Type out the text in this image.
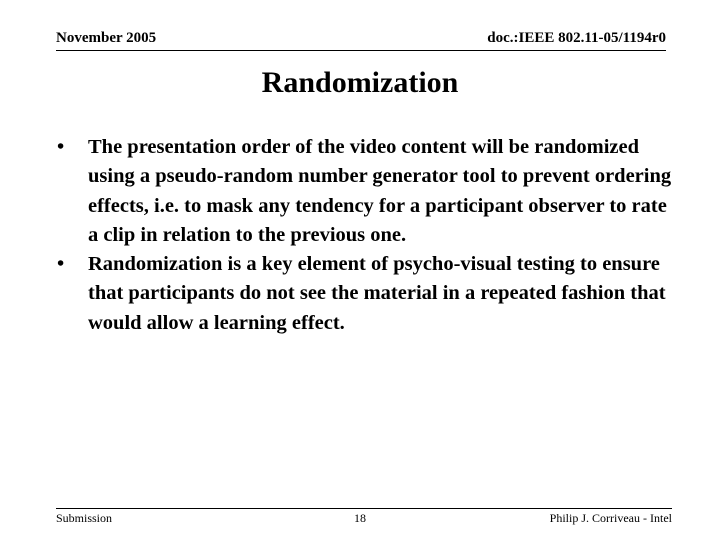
November 2005	doc.:IEEE 802.11-05/1194r0
Randomization
• The presentation order of the video content will be randomized using a pseudo-random number generator tool to prevent ordering effects, i.e. to mask any tendency for a participant observer to rate a clip in relation to the previous one.
• Randomization is a key element of psycho-visual testing to ensure that participants do not see the material in a repeated fashion that would allow a learning effect.
Submission	18	Philip J. Corriveau - Intel
